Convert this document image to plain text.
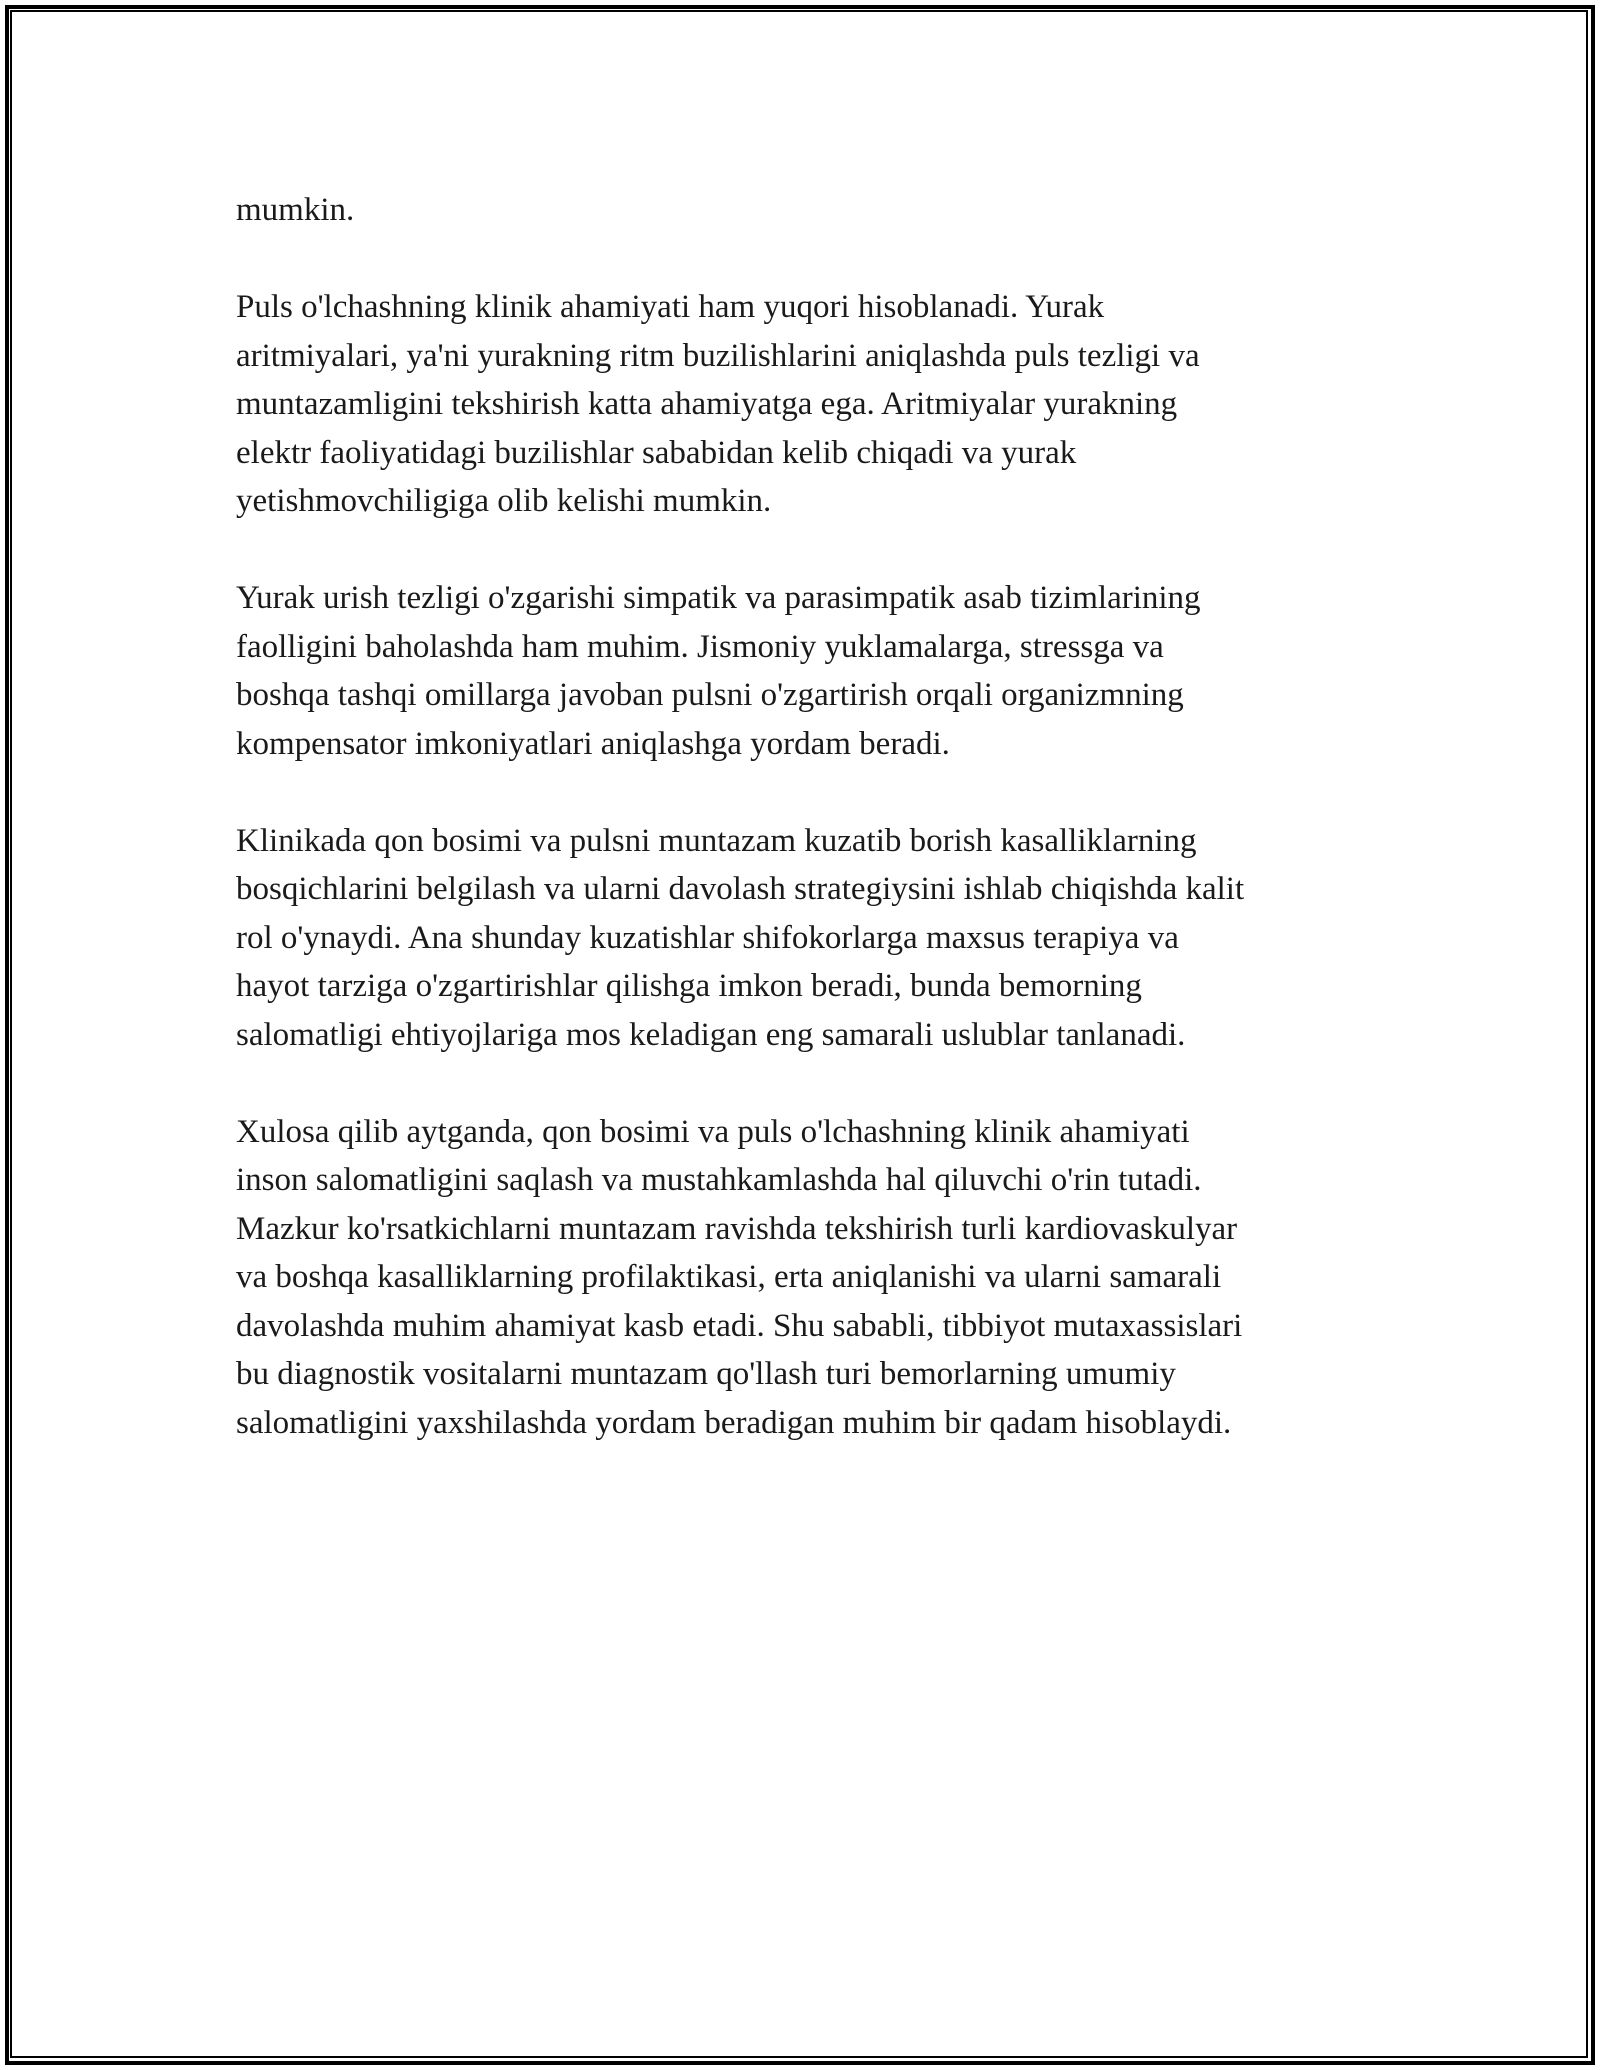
mumkin.

Puls o'lchashning klinik ahamiyati ham yuqori hisoblanadi. Yurak
aritmiyalari, ya'ni yurakning ritm buzilishlarini aniqlashda puls tezligi va
muntazamligini tekshirish katta ahamiyatga ega. Aritmiyalar yurakning
elektr faoliyatidagi buzilishlar sababidan kelib chiqadi va yurak
yetishmovchiligiga olib kelishi mumkin.

Yurak urish tezligi o'zgarishi simpatik va parasimpatik asab tizimlarining
faolligini baholashda ham muhim. Jismoniy yuklamalarga, stressga va
boshqa tashqi omillarga javoban pulsni o'zgartirish orqali organizmning
kompensator imkoniyatlari aniqlashga yordam beradi.

Klinikada qon bosimi va pulsni muntazam kuzatib borish kasalliklarning
bosqichlarini belgilash va ularni davolash strategiysini ishlab chiqishda kalit
rol o'ynaydi. Ana shunday kuzatishlar shifokorlarga maxsus terapiya va
hayot tarziga o'zgartirishlar qilishga imkon beradi, bunda bemorning
salomatligi ehtiyojlariga mos keladigan eng samarali uslublar tanlanadi.

Xulosa qilib aytganda, qon bosimi va puls o'lchashning klinik ahamiyati
inson salomatligini saqlash va mustahkamlashda hal qiluvchi o'rin tutadi.
Mazkur ko'rsatkichlarni muntazam ravishda tekshirish turli kardiovaskulyar
va boshqa kasalliklarning profilaktikasi, erta aniqlanishi va ularni samarali
davolashda muhim ahamiyat kasb etadi. Shu sababli, tibbiyot mutaxassislari
bu diagnostik vositalarni muntazam qo'llash turi bemorlarning umumiy
salomatligini yaxshilashda yordam beradigan muhim bir qadam hisoblaydi.
